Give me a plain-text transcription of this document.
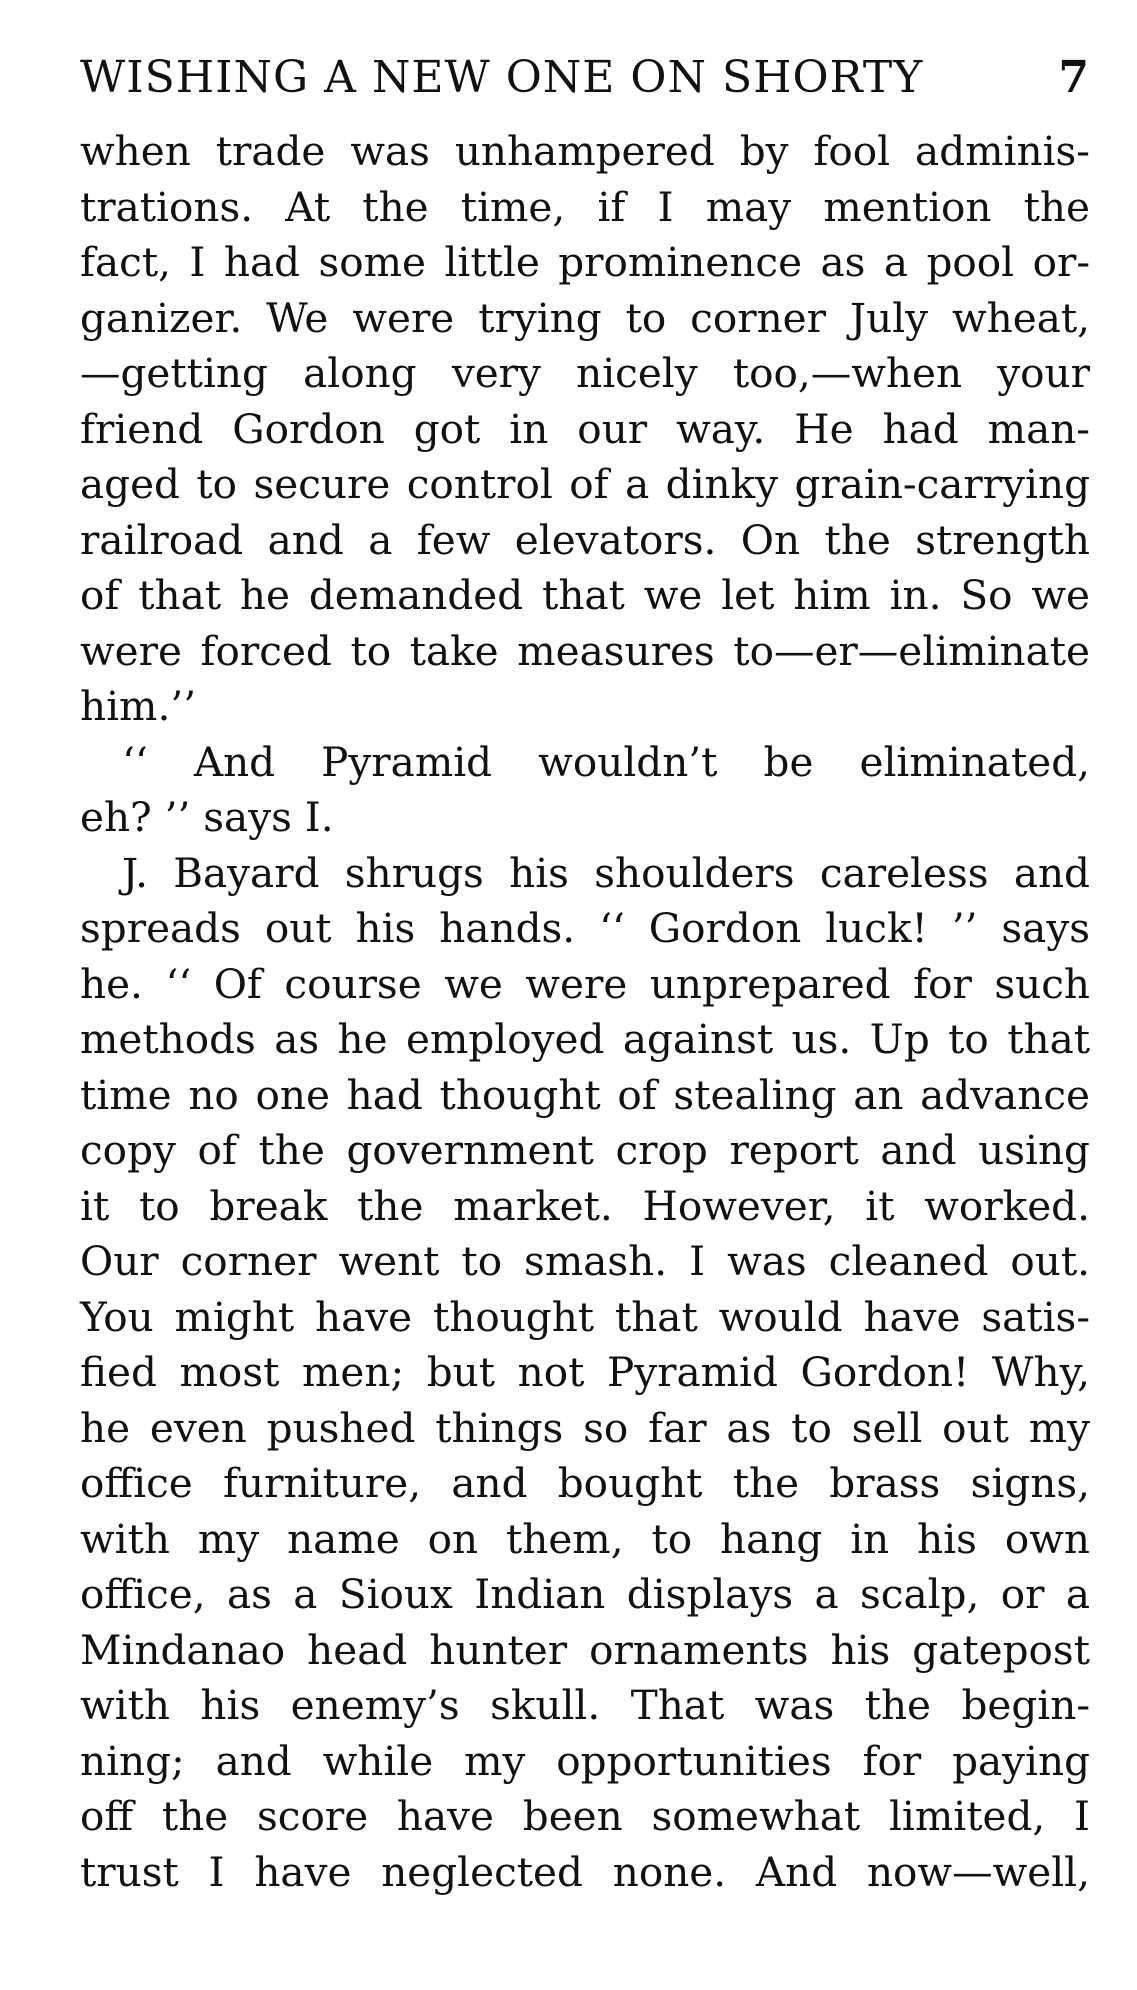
WISHING A NEW ONE ON SHORTY	7
when trade was unhampered by fool adminis-
trations. At the time, if I may mention the
fact, I had some little prominence as a pool or-
ganizer. We were trying to corner July wheat,
—getting along very nicely too,—when your
friend Gordon got in our way. He had man-
aged to secure control of a dinky grain-carrying
railroad and a few elevators. On the strength
of that he demanded that we let him in. So we
were forced to take measures to—er—eliminate
him.’’
‘‘ And Pyramid wouldn’t be eliminated,
eh? ’’ says I.
J. Bayard shrugs his shoulders careless and
spreads out his hands. ‘‘ Gordon luck! ’’ says
he. ‘‘ Of course we were unprepared for such
methods as he employed against us. Up to that
time no one had thought of stealing an advance
copy of the government crop report and using
it to break the market. However, it worked.
Our corner went to smash. I was cleaned out.
You might have thought that would have satis-
fied most men; but not Pyramid Gordon! Why,
he even pushed things so far as to sell out my
office furniture, and bought the brass signs,
with my name on them, to hang in his own
office, as a Sioux Indian displays a scalp, or a
Mindanao head hunter ornaments his gatepost
with his enemy’s skull. That was the begin-
ning; and while my opportunities for paying
off the score have been somewhat limited, I
trust I have neglected none. And now—well,
